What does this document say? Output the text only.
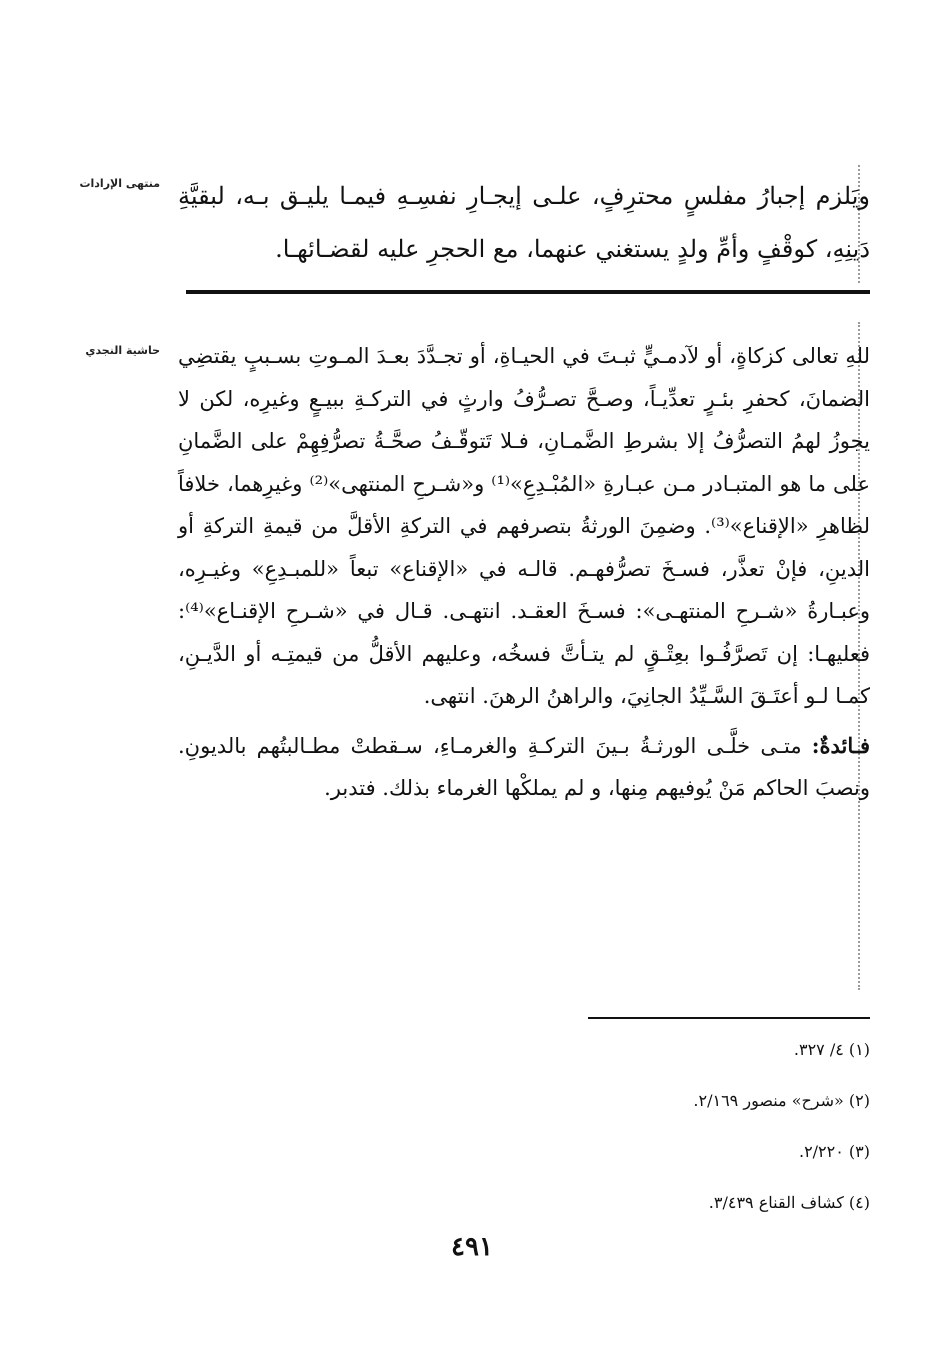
منتهى الإرادات
حاشية النجدي
ويَلزم إجبارُ مفلسٍ محترِفٍ، علـى إيجـارِ نفسِـهِ فيمـا يليـق بـه، لبقيَّةِ دَينِهِ، كوقْفٍ وأمِّ ولدٍ يستغني عنهما، مع الحجرِ عليه لقضـائهـا.

للهِ تعالى كزكاةٍ، أو لآدمـيٍّ ثبـتَ في الحيـاةِ، أو تجـدَّدَ بعـدَ المـوتِ بسـببٍ يقتضِي الضمانَ، كحفرِ بئـرٍ تعدِّيـاً، وصـحَّ تصـرُّفُ وارثٍ في التركـةِ ببيـعٍ وغيرِه، لكن لا يجوزُ لهمُ التصرُّفُ إلا بشرطِ الضَّمـانِ، فـلا تَتوقّـفُ صحَّـةُ تصرُّفِهِمْ على الضَّمانِ على ما هو المتبـادر مـن عبـارةِ «المُبْـدِعِ»⁽¹⁾ و«شـرحِ المنتهى»⁽²⁾ وغيرِهما، خلافاً لظاهرِ «الإقناع»⁽³⁾. وضمِنَ الورثةُ بتصرفهم في التركةِ الأقلَّ من قيمةِ التركةِ أو الدينِ، فإنْ تعذَّر، فسـخَ تصرُّفهـم. قالـه في «الإقناع» تبعاً «للمبـدِعِ» وغيـرِه، وعبـارةُ «شـرحِ المنتهـى»: فسـخَ العقـد. انتهـى. قـال في «شـرحِ الإقنـاع»⁽⁴⁾: فعليهـا: إن تَصرَّفُـوا بعِتْـقٍ لم يتـأتَّ فسخُه، وعليهم الأقلُّ من قيمتِـه أو الدَّيـنِ، كمـا لـو أعتَـقَ السَّـيِّدُ الجانِيَ، والراهنُ الرهنَ. انتهى.

فـائدةٌ: متـى خلَّـى الورثـةُ بـينَ التركـةِ والغرمـاءِ، سـقطتْ مطـالبتُهم بالديونِ. ونصبَ الحاكم مَنْ يُوفيهم مِنها، و لم يملكْها الغرماء بذلك. فتدبر.

(١) ٤/ ٣٢٧.
(٢) «شرح» منصور ٢/١٦٩.
(٣) ٢/٢٢٠.
(٤) كشاف القناع ٣/٤٣٩.
٤٩١
